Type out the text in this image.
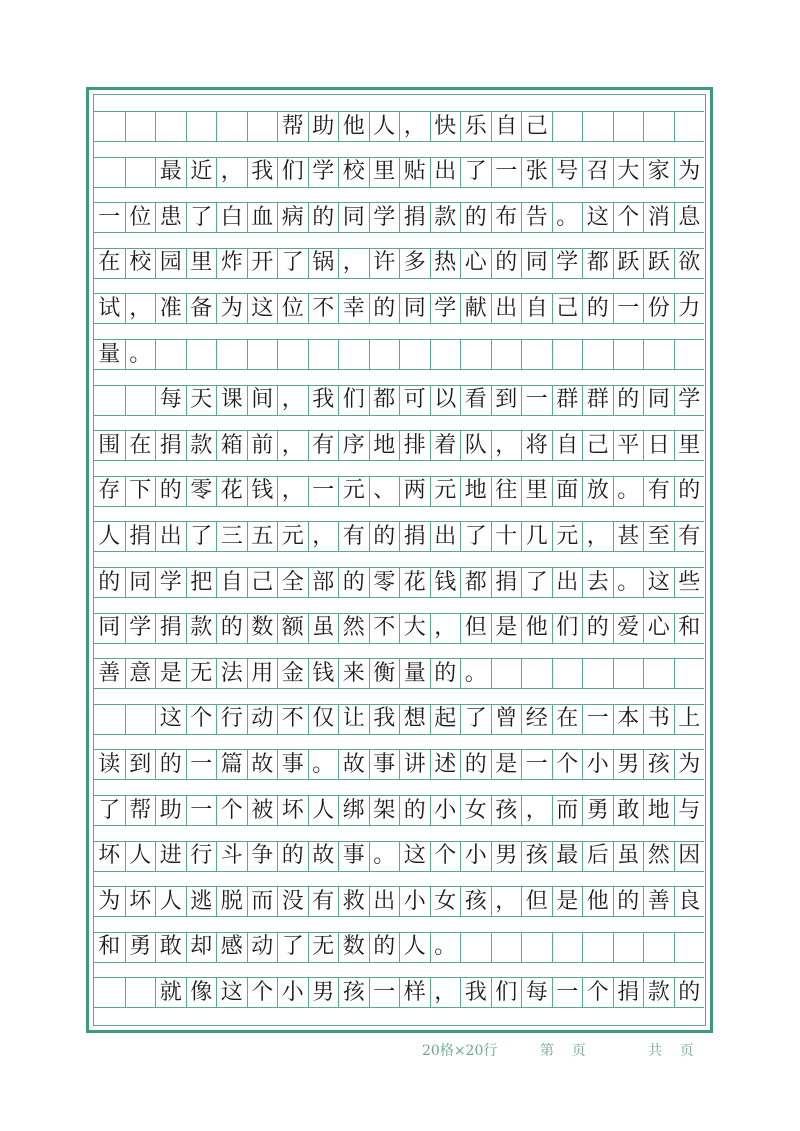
帮 助 他 人 ， 快 乐 自 己
最 近 ， 我 们 学 校 里 贴 出 了 一 张 号 召 大 家 为
一 位 患 了 白 血 病 的 同 学 捐 款 的 布 告 。 这 个 消 息
在 校 园 里 炸 开 了 锅 ， 许 多 热 心 的 同 学 都 跃 跃 欲
试 ， 准 备 为 这 位 不 幸 的 同 学 献 出 自 己 的 一 份 力
量 。
每 天 课 间 ， 我 们 都 可 以 看 到 一 群 群 的 同 学
围 在 捐 款 箱 前 ， 有 序 地 排 着 队 ， 将 自 己 平 日 里
存 下 的 零 花 钱 ， 一 元 、 两 元 地 往 里 面 放 。 有 的
人 捐 出 了 三 五 元 ， 有 的 捐 出 了 十 几 元 ， 甚 至 有
的 同 学 把 自 己 全 部 的 零 花 钱 都 捐 了 出 去 。 这 些
同 学 捐 款 的 数 额 虽 然 不 大 ， 但 是 他 们 的 爱 心 和
善 意 是 无 法 用 金 钱 来 衡 量 的 。
这 个 行 动 不 仅 让 我 想 起 了 曾 经 在 一 本 书 上
读 到 的 一 篇 故 事 。 故 事 讲 述 的 是 一 个 小 男 孩 为
了 帮 助 一 个 被 坏 人 绑 架 的 小 女 孩 ， 而 勇 敢 地 与
坏 人 进 行 斗 争 的 故 事 。 这 个 小 男 孩 最 后 虽 然 因
为 坏 人 逃 脱 而 没 有 救 出 小 女 孩 ， 但 是 他 的 善 良
和 勇 敢 却 感 动 了 无 数 的 人 。
就 像 这 个 小 男 孩 一 样 ， 我 们 每 一 个 捐 款 的
20格×20行	第    页	共    页
